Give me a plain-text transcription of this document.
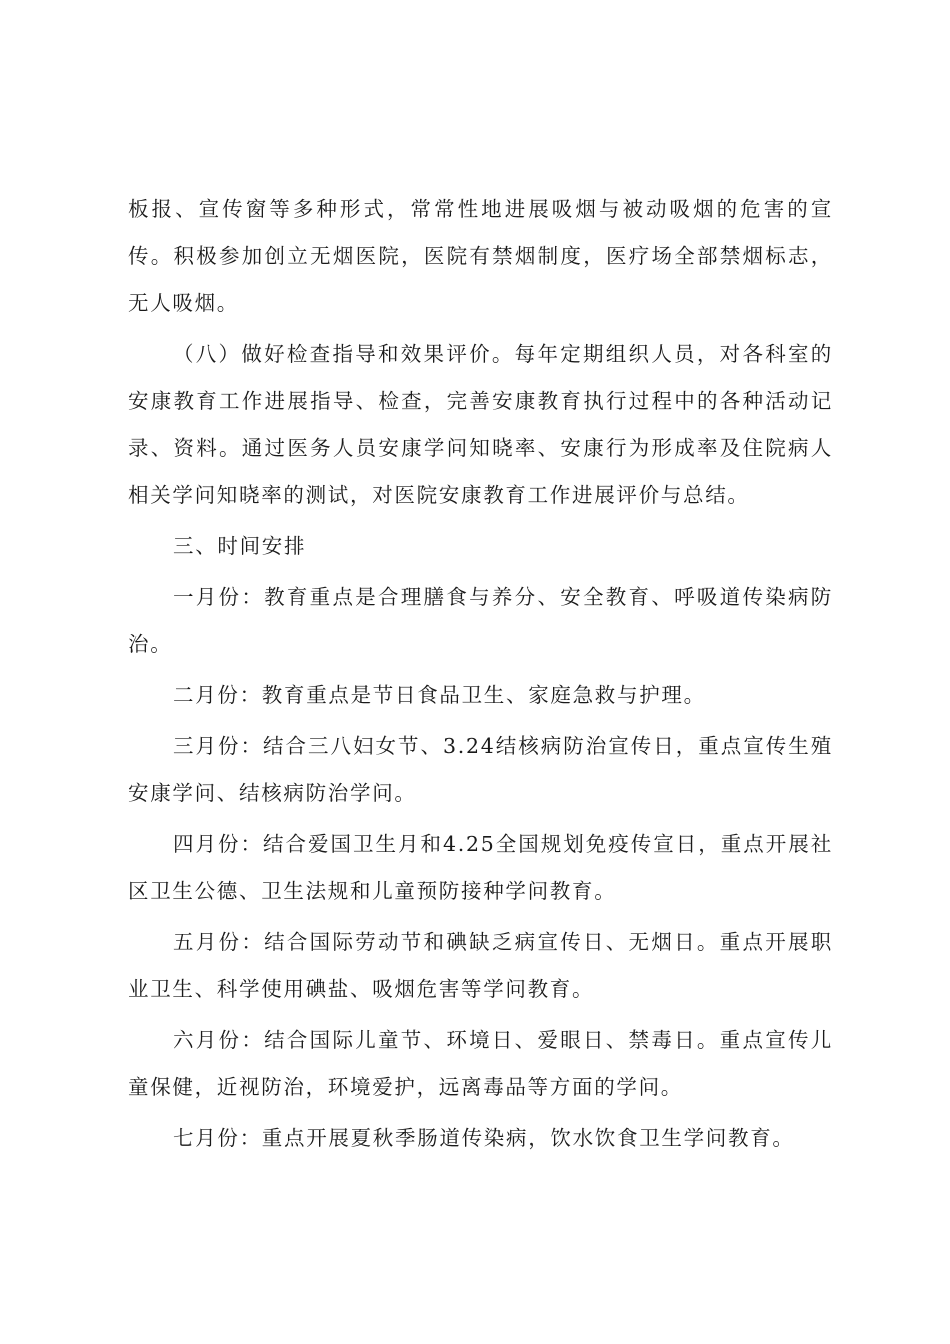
板报、宣传窗等多种形式，常常性地进展吸烟与被动吸烟的危害的宣传。积极参加创立无烟医院，医院有禁烟制度，医疗场全部禁烟标志，无人吸烟。

（八）做好检查指导和效果评价。每年定期组织人员，对各科室的安康教育工作进展指导、检查，完善安康教育执行过程中的各种活动记录、资料。通过医务人员安康学问知晓率、安康行为形成率及住院病人相关学问知晓率的测试，对医院安康教育工作进展评价与总结。

三、时间安排

一月份：教育重点是合理膳食与养分、安全教育、呼吸道传染病防治。

二月份：教育重点是节日食品卫生、家庭急救与护理。

三月份：结合三八妇女节、3.24结核病防治宣传日，重点宣传生殖安康学问、结核病防治学问。

四月份：结合爱国卫生月和4.25全国规划免疫传宣日，重点开展社区卫生公德、卫生法规和儿童预防接种学问教育。

五月份：结合国际劳动节和碘缺乏病宣传日、无烟日。重点开展职业卫生、科学使用碘盐、吸烟危害等学问教育。

六月份：结合国际儿童节、环境日、爱眼日、禁毒日。重点宣传儿童保健，近视防治，环境爱护，远离毒品等方面的学问。

七月份：重点开展夏秋季肠道传染病，饮水饮食卫生学问教育。
